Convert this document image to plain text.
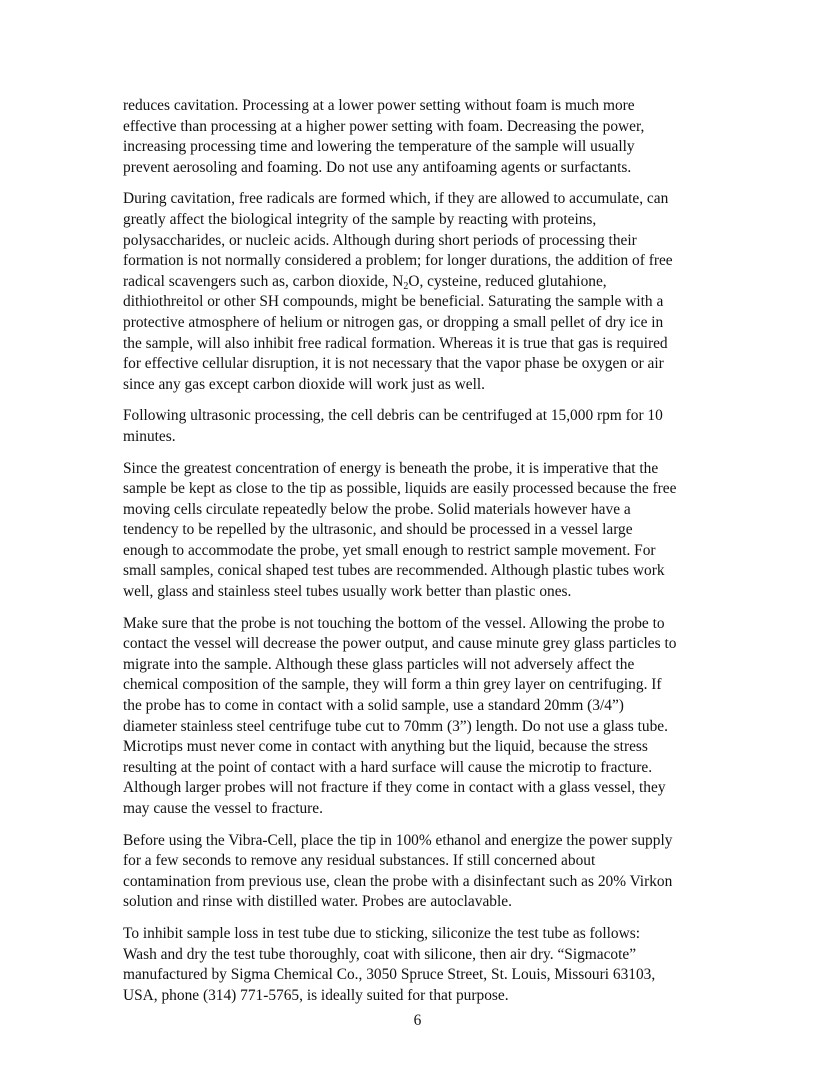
reduces cavitation. Processing at a lower power setting without foam is much more
effective than processing at a higher power setting with foam. Decreasing the power,
increasing processing time and lowering the temperature of the sample will usually
prevent aerosoling and foaming. Do not use any antifoaming agents or surfactants.

During cavitation, free radicals are formed which, if they are allowed to accumulate, can
greatly affect the biological integrity of the sample by reacting with proteins,
polysaccharides, or nucleic acids. Although during short periods of processing their
formation is not normally considered a problem; for longer durations, the addition of free
radical scavengers such as, carbon dioxide, $N_2O$, cysteine, reduced glutahione,
dithiothreitol or other SH compounds, might be beneficial. Saturating the sample with a
protective atmosphere of helium or nitrogen gas, or dropping a small pellet of dry ice in
the sample, will also inhibit free radical formation. Whereas it is true that gas is required
for effective cellular disruption, it is not necessary that the vapor phase be oxygen or air
since any gas except carbon dioxide will work just as well.

Following ultrasonic processing, the cell debris can be centrifuged at 15,000 rpm for 10
minutes.

Since the greatest concentration of energy is beneath the probe, it is imperative that the
sample be kept as close to the tip as possible, liquids are easily processed because the free
moving cells circulate repeatedly below the probe. Solid materials however have a
tendency to be repelled by the ultrasonic, and should be processed in a vessel large
enough to accommodate the probe, yet small enough to restrict sample movement. For
small samples, conical shaped test tubes are recommended. Although plastic tubes work
well, glass and stainless steel tubes usually work better than plastic ones.

Make sure that the probe is not touching the bottom of the vessel. Allowing the probe to
contact the vessel will decrease the power output, and cause minute grey glass particles to
migrate into the sample. Although these glass particles will not adversely affect the
chemical composition of the sample, they will form a thin grey layer on centrifuging. If
the probe has to come in contact with a solid sample, use a standard 20mm (3/4”)
diameter stainless steel centrifuge tube cut to 70mm (3”) length. Do not use a glass tube.
Microtips must never come in contact with anything but the liquid, because the stress
resulting at the point of contact with a hard surface will cause the microtip to fracture.
Although larger probes will not fracture if they come in contact with a glass vessel, they
may cause the vessel to fracture.

Before using the Vibra-Cell, place the tip in 100% ethanol and energize the power supply
for a few seconds to remove any residual substances. If still concerned about
contamination from previous use, clean the probe with a disinfectant such as 20% Virkon
solution and rinse with distilled water. Probes are autoclavable.

To inhibit sample loss in test tube due to sticking, siliconize the test tube as follows:
Wash and dry the test tube thoroughly, coat with silicone, then air dry. “Sigmacote”
manufactured by Sigma Chemical Co., 3050 Spruce Street, St. Louis, Missouri 63103,
USA, phone (314) 771-5765, is ideally suited for that purpose.

6
